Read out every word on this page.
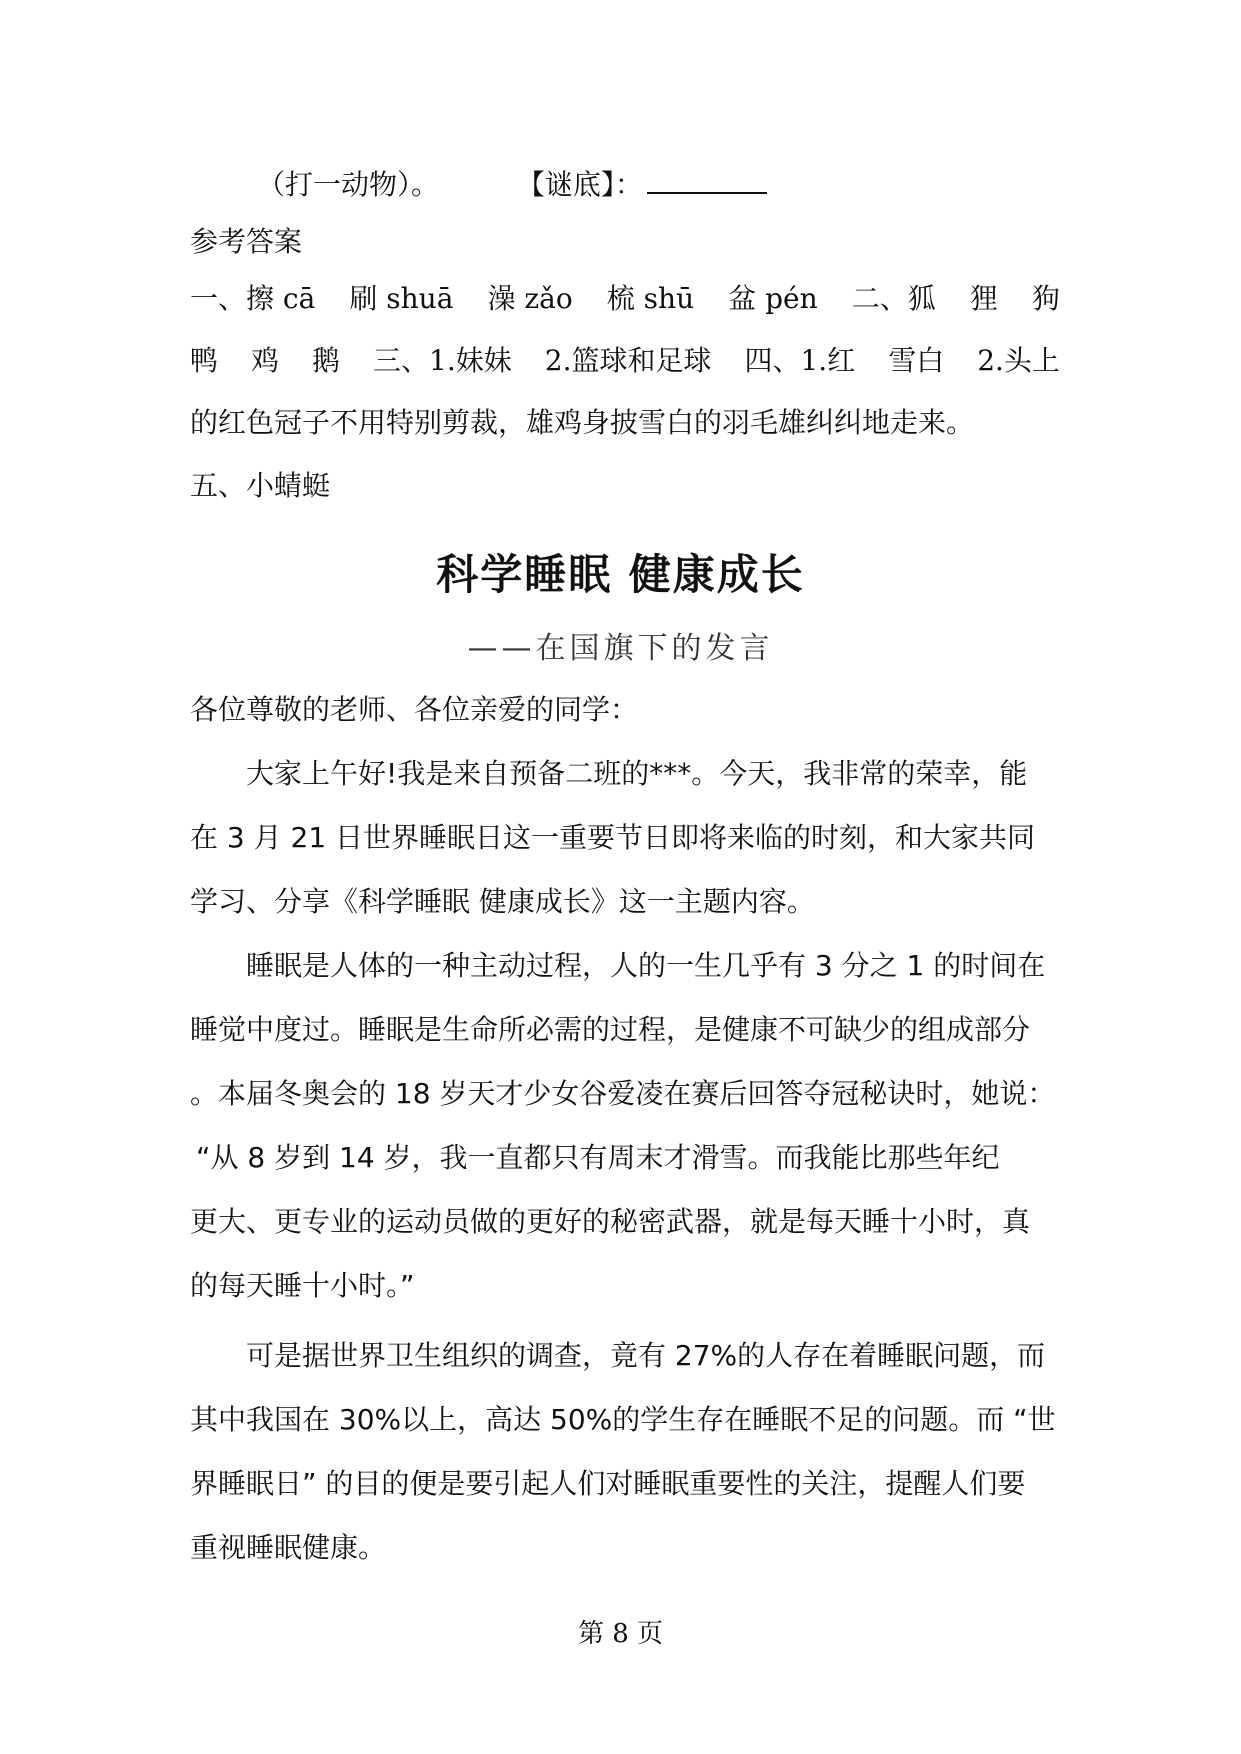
（打一动物）。	【谜底】：
参考答案
一、擦 cā 刷 shuā 澡 zǎo 梳 shū 盆 pén 二、狐 狸 狗
鸭 鸡 鹅 三、1.妹妹 2.篮球和足球 四、1.红 雪白 2.头上
的红色冠子不用特别剪裁，雄鸡身披雪白的羽毛雄纠纠地走来。
五、小蜻蜓
科学睡眠 健康成长
——在国旗下的发言
各位尊敬的老师、各位亲爱的同学：
大家上午好!我是来自预备二班的***。今天，我非常的荣幸，能
在 3 月 21 日世界睡眠日这一重要节日即将来临的时刻，和大家共同
学习、分享《科学睡眠 健康成长》这一主题内容。
睡眠是人体的一种主动过程，人的一生几乎有 3 分之 1 的时间在
睡觉中度过。睡眠是生命所必需的过程，是健康不可缺少的组成部分
。本届冬奥会的 18 岁天才少女谷爱凌在赛后回答夺冠秘诀时，她说：
“从 8 岁到 14 岁，我一直都只有周末才滑雪。而我能比那些年纪
更大、更专业的运动员做的更好的秘密武器，就是每天睡十小时，真
的每天睡十小时。”
可是据世界卫生组织的调查，竟有 27%的人存在着睡眠问题，而
其中我国在 30%以上，高达 50%的学生存在睡眠不足的问题。而 “世
界睡眠日” 的目的便是要引起人们对睡眠重要性的关注，提醒人们要
重视睡眠健康。
第 8 页
